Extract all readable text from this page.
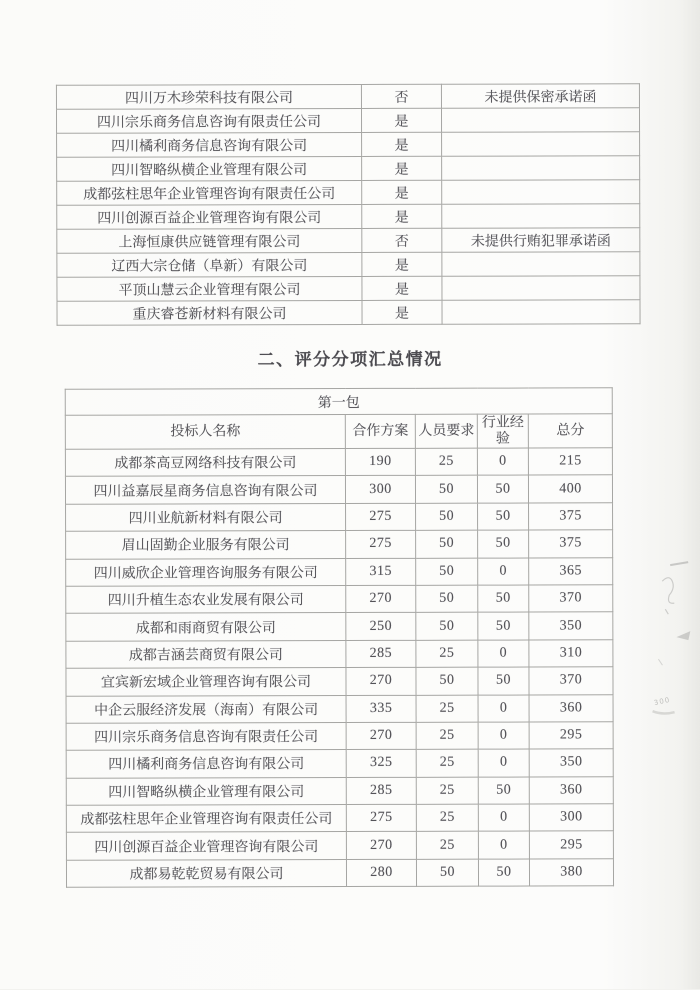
四川万木珍荣科技有限公司	否	未提供保密承诺函
四川宗乐商务信息咨询有限责任公司	是	
四川橘利商务信息咨询有限公司	是	
四川智略纵横企业管理有限公司	是	
成都弦柱思年企业管理咨询有限责任公司	是	
四川创源百益企业管理咨询有限公司	是	
上海恒康供应链管理有限公司	否	未提供行贿犯罪承诺函
辽西大宗仓储（阜新）有限公司	是	
平顶山慧云企业管理有限公司	是	
重庆睿苍新材料有限公司	是	
二、评分分项汇总情况
第一包				
投标人名称	合作方案	人员要求	行业经验	总分
成都茶高豆网络科技有限公司	190	25	0	215
四川益嘉辰星商务信息咨询有限公司	300	50	50	400
四川业航新材料有限公司	275	50	50	375
眉山固勤企业服务有限公司	275	50	50	375
四川威欣企业管理咨询服务有限公司	315	50	0	365
四川升植生态农业发展有限公司	270	50	50	370
成都和雨商贸有限公司	250	50	50	350
成都吉涵芸商贸有限公司	285	25	0	310
宜宾新宏域企业管理咨询有限公司	270	50	50	370
中企云服经济发展（海南）有限公司	335	25	0	360
四川宗乐商务信息咨询有限责任公司	270	25	0	295
四川橘利商务信息咨询有限公司	325	25	0	350
四川智略纵横企业管理有限公司	285	25	50	360
成都弦柱思年企业管理咨询有限责任公司	275	25	0	300
四川创源百益企业管理咨询有限公司	270	25	0	295
成都易乾乾贸易有限公司	280	50	50	380
300
